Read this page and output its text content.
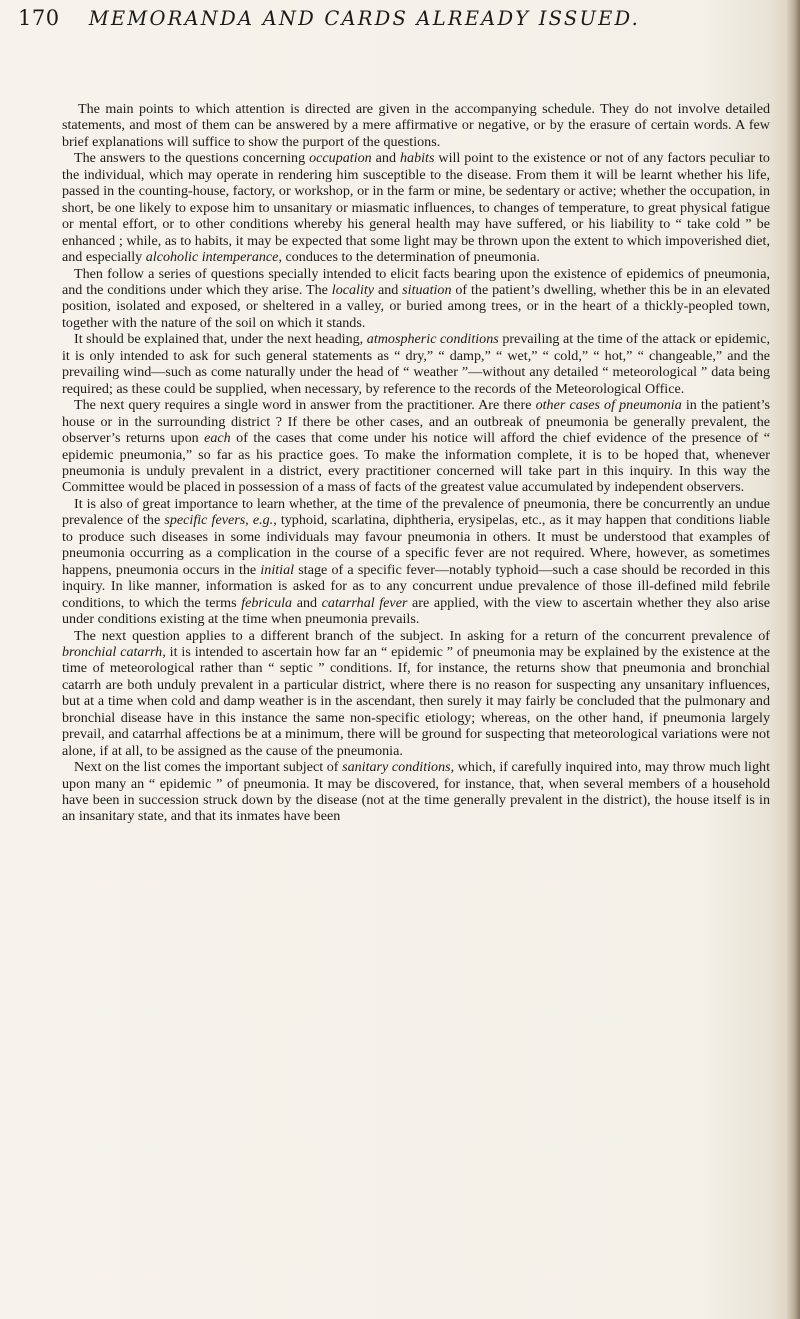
170 MEMORANDA AND CARDS ALREADY ISSUED.

The main points to which attention is directed are given in the accompanying schedule. They do not involve detailed statements, and most of them can be answered by a mere affirmative or negative, or by the erasure of certain words. A few brief explanations will suffice to show the purport of the questions.

The answers to the questions concerning occupation and habits will point to the existence or not of any factors peculiar to the individual, which may operate in rendering him susceptible to the disease. From them it will be learnt whether his life, passed in the counting-house, factory, or workshop, or in the farm or mine, be sedentary or active; whether the occupation, in short, be one likely to expose him to unsanitary or miasmatic influences, to changes of temperature, to great physical fatigue or mental effort, or to other conditions whereby his general health may have suffered, or his liability to “ take cold ” be enhanced ; while, as to habits, it may be expected that some light may be thrown upon the extent to which impoverished diet, and especially alcoholic intemperance, conduces to the determination of pneumonia.

Then follow a series of questions specially intended to elicit facts bearing upon the existence of epidemics of pneumonia, and the conditions under which they arise. The locality and situation of the patient’s dwelling, whether this be in an elevated position, isolated and exposed, or sheltered in a valley, or buried among trees, or in the heart of a thickly-peopled town, together with the nature of the soil on which it stands.

It should be explained that, under the next heading, atmospheric conditions prevailing at the time of the attack or epidemic, it is only intended to ask for such general statements as “ dry,” “ damp,” “ wet,” “ cold,” “ hot,” “ changeable,” and the prevailing wind—such as come naturally under the head of “ weather ”—without any detailed “ meteorological ” data being required; as these could be supplied, when necessary, by reference to the records of the Meteorological Office.

The next query requires a single word in answer from the practitioner. Are there other cases of pneumonia in the patient’s house or in the surrounding district ? If there be other cases, and an outbreak of pneumonia be generally prevalent, the observer’s returns upon each of the cases that come under his notice will afford the chief evidence of the presence of “ epidemic pneumonia,” so far as his practice goes. To make the information complete, it is to be hoped that, whenever pneumonia is unduly prevalent in a district, every practitioner concerned will take part in this inquiry. In this way the Committee would be placed in possession of a mass of facts of the greatest value accumulated by independent observers.

It is also of great importance to learn whether, at the time of the prevalence of pneumonia, there be concurrently an undue prevalence of the specific fevers, e.g., typhoid, scarlatina, diphtheria, erysipelas, etc., as it may happen that conditions liable to produce such diseases in some individuals may favour pneumonia in others. It must be understood that examples of pneumonia occurring as a complication in the course of a specific fever are not required. Where, however, as sometimes happens, pneumonia occurs in the initial stage of a specific fever—notably typhoid—such a case should be recorded in this inquiry. In like manner, information is asked for as to any concurrent undue prevalence of those ill-defined mild febrile conditions, to which the terms febricula and catarrhal fever are applied, with the view to ascertain whether they also arise under conditions existing at the time when pneumonia prevails.

The next question applies to a different branch of the subject. In asking for a return of the concurrent prevalence of bronchial catarrh, it is intended to ascertain how far an “ epidemic ” of pneumonia may be explained by the existence at the time of meteorological rather than “ septic ” conditions. If, for instance, the returns show that pneumonia and bronchial catarrh are both unduly prevalent in a particular district, where there is no reason for suspecting any unsanitary influences, but at a time when cold and damp weather is in the ascendant, then surely it may fairly be concluded that the pulmonary and bronchial disease have in this instance the same non-specific etiology; whereas, on the other hand, if pneumonia largely prevail, and catarrhal affections be at a minimum, there will be ground for suspecting that meteorological variations were not alone, if at all, to be assigned as the cause of the pneumonia.

Next on the list comes the important subject of sanitary conditions, which, if carefully inquired into, may throw much light upon many an “ epidemic ” of pneumonia. It may be discovered, for instance, that, when several members of a household have been in succession struck down by the disease (not at the time generally prevalent in the district), the house itself is in an insanitary state, and that its inmates have been
